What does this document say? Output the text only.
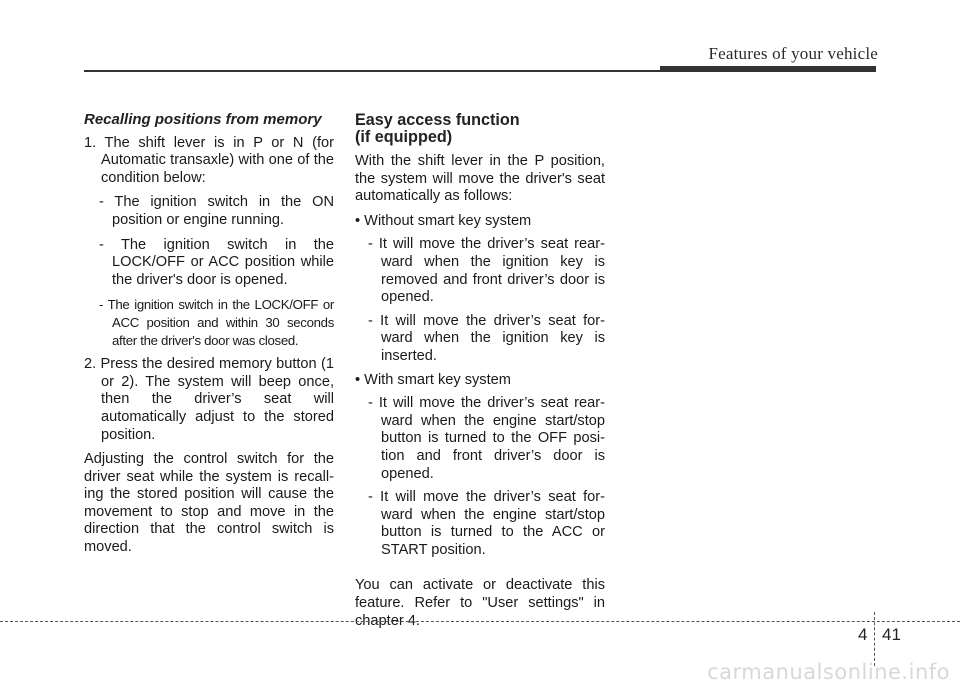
Features of your vehicle
Recalling positions from memory
1. The shift lever is in P or N (for Automatic transaxle) with one of the condition below:
- The ignition switch in the ON position or engine running.
- The ignition switch in the LOCK/OFF or ACC position while the driver's door is opened.
- The ignition switch in the LOCK/OFF or ACC position and within 30 seconds after the driver's door was closed.
2. Press the desired memory button (1 or 2). The system will beep once, then the driver’s seat will automatically adjust to the stored position.

Adjusting the control switch for the driver seat while the system is recall-ing the stored position will cause the movement to stop and move in the direction that the control switch is moved.

Easy access function
(if equipped)

With the shift lever in the P position, the system will move the driver's seat automatically as follows:

• Without smart key system
- It will move the driver’s seat rear-ward when the ignition key is removed and front driver’s door is opened.
- It will move the driver’s seat for-ward when the ignition key is inserted.
• With smart key system
- It will move the driver’s seat rear-ward when the engine start/stop button is turned to the OFF posi-tion and front driver’s door is opened.
- It will move the driver’s seat for-ward when the engine start/stop button is turned to the ACC or START position.

You can activate or deactivate this feature. Refer to "User settings" in chapter 4.

4 41
carmanualsonline.info
